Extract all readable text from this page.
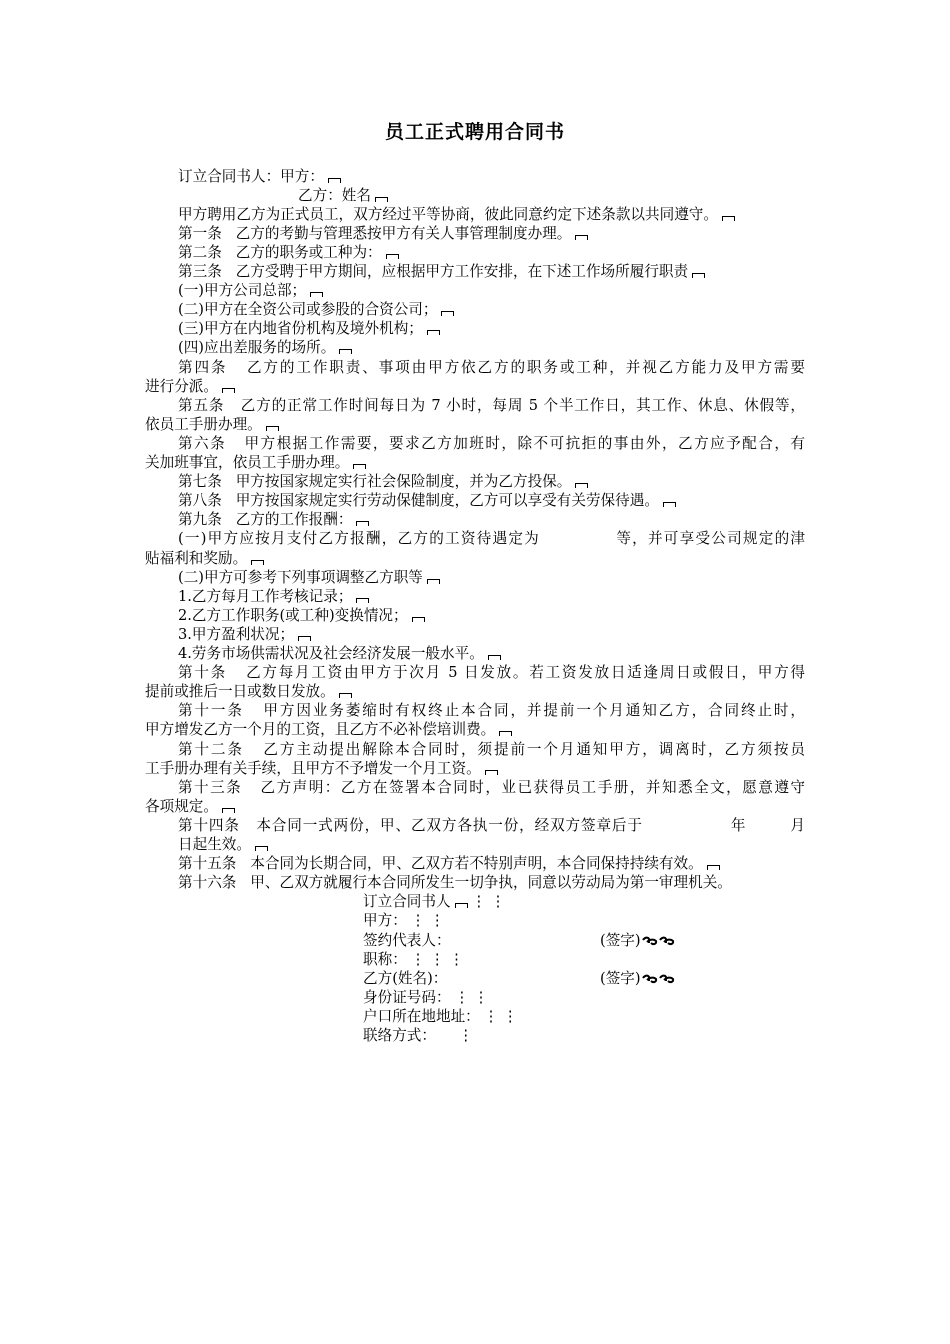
员工正式聘用合同书
订立合同书人：甲方：
乙方：姓名
甲方聘用乙方为正式员工，双方经过平等协商，彼此同意约定下述条款以共同遵守。
第一条   乙方的考勤与管理悉按甲方有关人事管理制度办理。
第二条   乙方的职务或工种为：
第三条   乙方受聘于甲方期间，应根据甲方工作安排，在下述工作场所履行职责
(一)甲方公司总部；
(二)甲方在全资公司或参股的合资公司；
(三)甲方在内地省份机构及境外机构；
(四)应出差服务的场所。
第四条   乙方的工作职责、事项由甲方依乙方的职务或工种，并视乙方能力及甲方需要
进行分派。
第五条   乙方的正常工作时间每日为 7 小时，每周 5 个半工作日，其工作、休息、休假等，
依员工手册办理。
第六条   甲方根据工作需要，要求乙方加班时，除不可抗拒的事由外，乙方应予配合，有
关加班事宜，依员工手册办理。
第七条   甲方按国家规定实行社会保险制度，并为乙方投保。
第八条   甲方按国家规定实行劳动保健制度，乙方可以享受有关劳保待遇。
第九条   乙方的工作报酬：
(一)甲方应按月支付乙方报酬，乙方的工资待遇定为             等，并可享受公司规定的津
贴福利和奖励。
(二)甲方可参考下列事项调整乙方职等
1.乙方每月工作考核记录；
2.乙方工作职务(或工种)变换情况；
3.甲方盈利状况；
4.劳务市场供需状况及社会经济发展一般水平。
第十条   乙方每月工资由甲方于次月 5 日发放。若工资发放日适逢周日或假日，甲方得
提前或推后一日或数日发放。
第十一条   甲方因业务萎缩时有权终止本合同，并提前一个月通知乙方，合同终止时，
甲方增发乙方一个月的工资，且乙方不必补偿培训费。
第十二条   乙方主动提出解除本合同时，须提前一个月通知甲方，调离时，乙方须按员
工手册办理有关手续，且甲方不予增发一个月工资。
第十三条   乙方声明：乙方在签署本合同时，业已获得员工手册，并知悉全文，愿意遵守
各项规定。
第十四条   本合同一式两份，甲、乙双方各执一份，经双方签章后于                年        月
日起生效。
第十五条   本合同为长期合同，甲、乙双方若不特别声明，本合同保持持续有效。
第十六条   甲、乙双方就履行本合同所发生一切争执，同意以劳动局为第一审理机关。
订立合同书人 ⋮ ⋮
甲方： ⋮ ⋮
签约代表人：	(签字)
职称： ⋮ ⋮ ⋮
乙方(姓名)：	(签字)
身份证号码： ⋮ ⋮
户口所在地地址： ⋮ ⋮
联络方式：    ⋮
